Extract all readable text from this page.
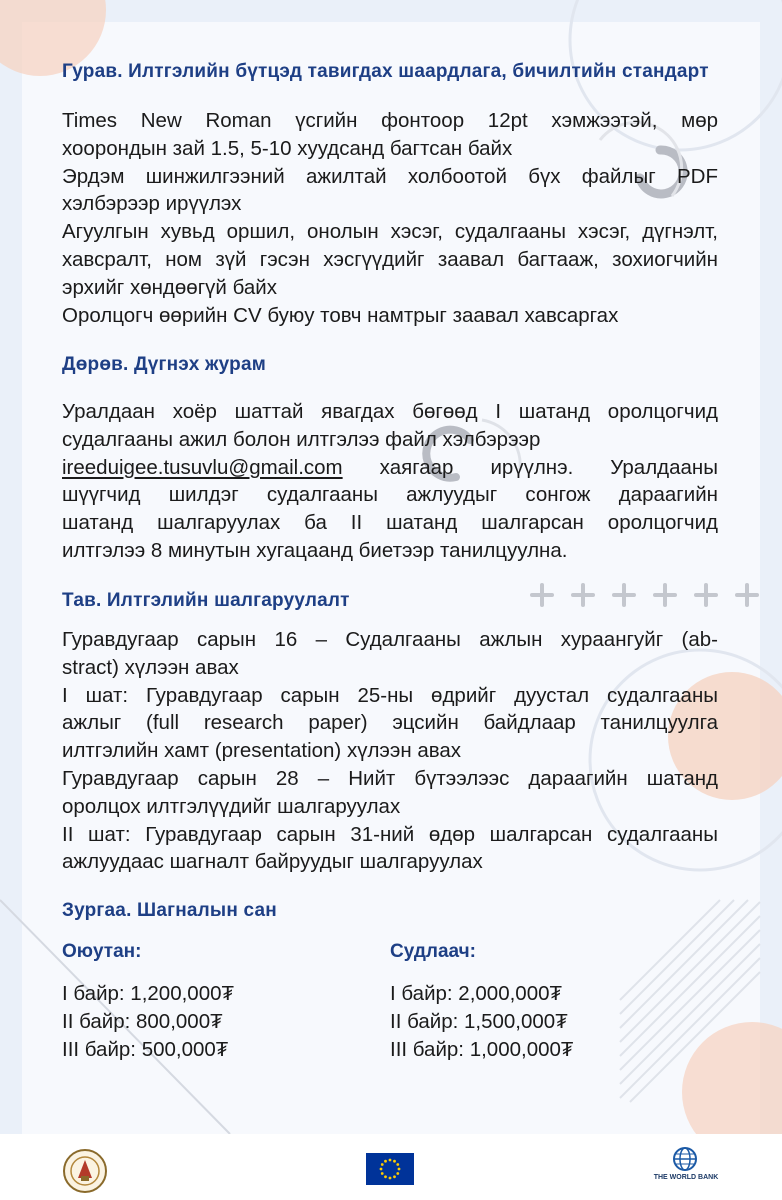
Гурав. Илтгэлийн бүтцэд тавигдах шаардлага, бичилтийн стандарт
Times New Roman үсгийн фонтоор 12pt хэмжээтэй, мөр
хоорондын зай 1.5, 5-10 хуудсанд багтсан байх
Эрдэм шинжилгээний ажилтай холбоотой бүх файлыг PDF
хэлбэрээр ирүүлэх
Агуулгын хувьд оршил, онолын хэсэг, судалгааны хэсэг, дүгнэлт,
хавсралт, ном зүй гэсэн хэсгүүдийг заавал багтааж, зохиогчийн
эрхийг хөндөөгүй байх
Оролцогч өөрийн CV буюу товч намтрыг заавал хавсаргах
Дөрөв. Дүгнэх журам
Уралдаан хоёр шаттай явагдах бөгөөд I шатанд оролцогчид
судалгааны ажил болон илтгэлээ файл хэлбэрээр
ireeduigee.tusuvlu@gmail.com хаягаар ирүүлнэ. Уралдааны
шүүгчид шилдэг судалгааны ажлуудыг сонгож дараагийн
шатанд шалгаруулах ба II шатанд шалгарсан оролцогчид
илтгэлээ 8 минутын хугацаанд биетээр танилцуулна.
Тав. Илтгэлийн шалгаруулалт
Гуравдугаар сарын 16 – Судалгааны ажлын хураангуйг (ab-
stract) хүлээн авах
I шат: Гуравдугаар сарын 25-ны өдрийг дуустал судалгааны
ажлыг (full research paper) эцсийн байдлаар танилцуулга
илтгэлийн хамт (presentation) хүлээн авах
Гуравдугаар сарын 28 – Нийт бүтээлээс дараагийн шатанд
оролцох илтгэлүүдийг шалгаруулах
II шат: Гуравдугаар сарын 31-ний өдөр шалгарсан судалгааны
ажлуудаас шагналт байруудыг шалгаруулах
Зургаа. Шагналын сан
Оюутан:
I байр: 1,200,000₮
II байр: 800,000₮
III байр: 500,000₮
Судлаач:
I байр: 2,000,000₮
II байр: 1,500,000₮
III байр: 1,000,000₮
THE WORLD BANK
